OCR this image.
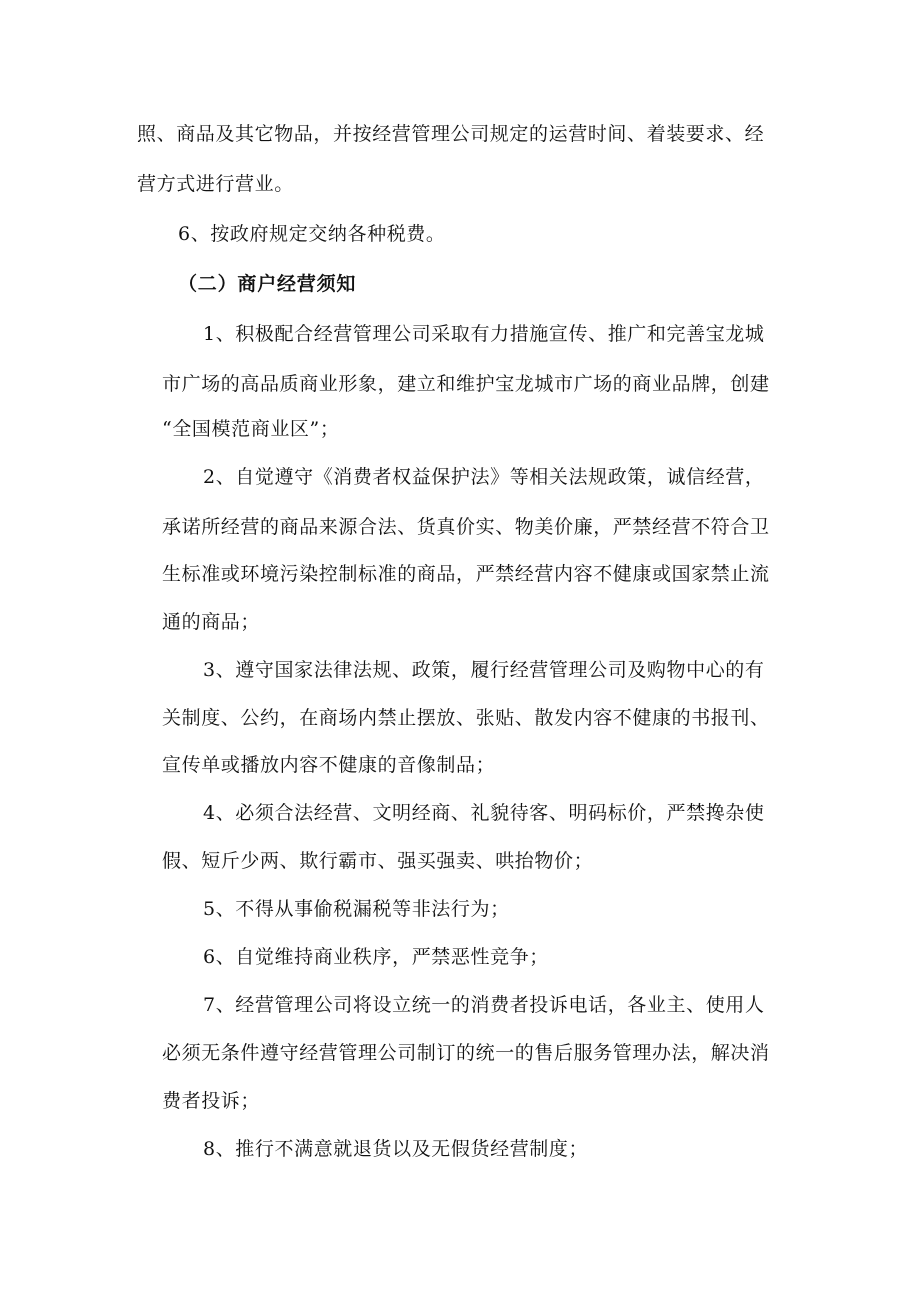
照、商品及其它物品，并按经营管理公司规定的运营时间、着装要求、经
营方式进行营业。
6、按政府规定交纳各种税费。
（二）商户经营须知
1、积极配合经营管理公司采取有力措施宣传、推广和完善宝龙城
市广场的高品质商业形象，建立和维护宝龙城市广场的商业品牌，创建
“全国模范商业区”；
2、自觉遵守《消费者权益保护法》等相关法规政策，诚信经营，
承诺所经营的商品来源合法、货真价实、物美价廉，严禁经营不符合卫
生标准或环境污染控制标准的商品，严禁经营内容不健康或国家禁止流
通的商品；
3、遵守国家法律法规、政策，履行经营管理公司及购物中心的有
关制度、公约，在商场内禁止摆放、张贴、散发内容不健康的书报刊、
宣传单或播放内容不健康的音像制品；
4、必须合法经营、文明经商、礼貌待客、明码标价，严禁搀杂使
假、短斤少两、欺行霸市、强买强卖、哄抬物价；
5、不得从事偷税漏税等非法行为；
6、自觉维持商业秩序，严禁恶性竞争；
7、经营管理公司将设立统一的消费者投诉电话，各业主、使用人
必须无条件遵守经营管理公司制订的统一的售后服务管理办法，解决消
费者投诉；
8、推行不满意就退货以及无假货经营制度；
